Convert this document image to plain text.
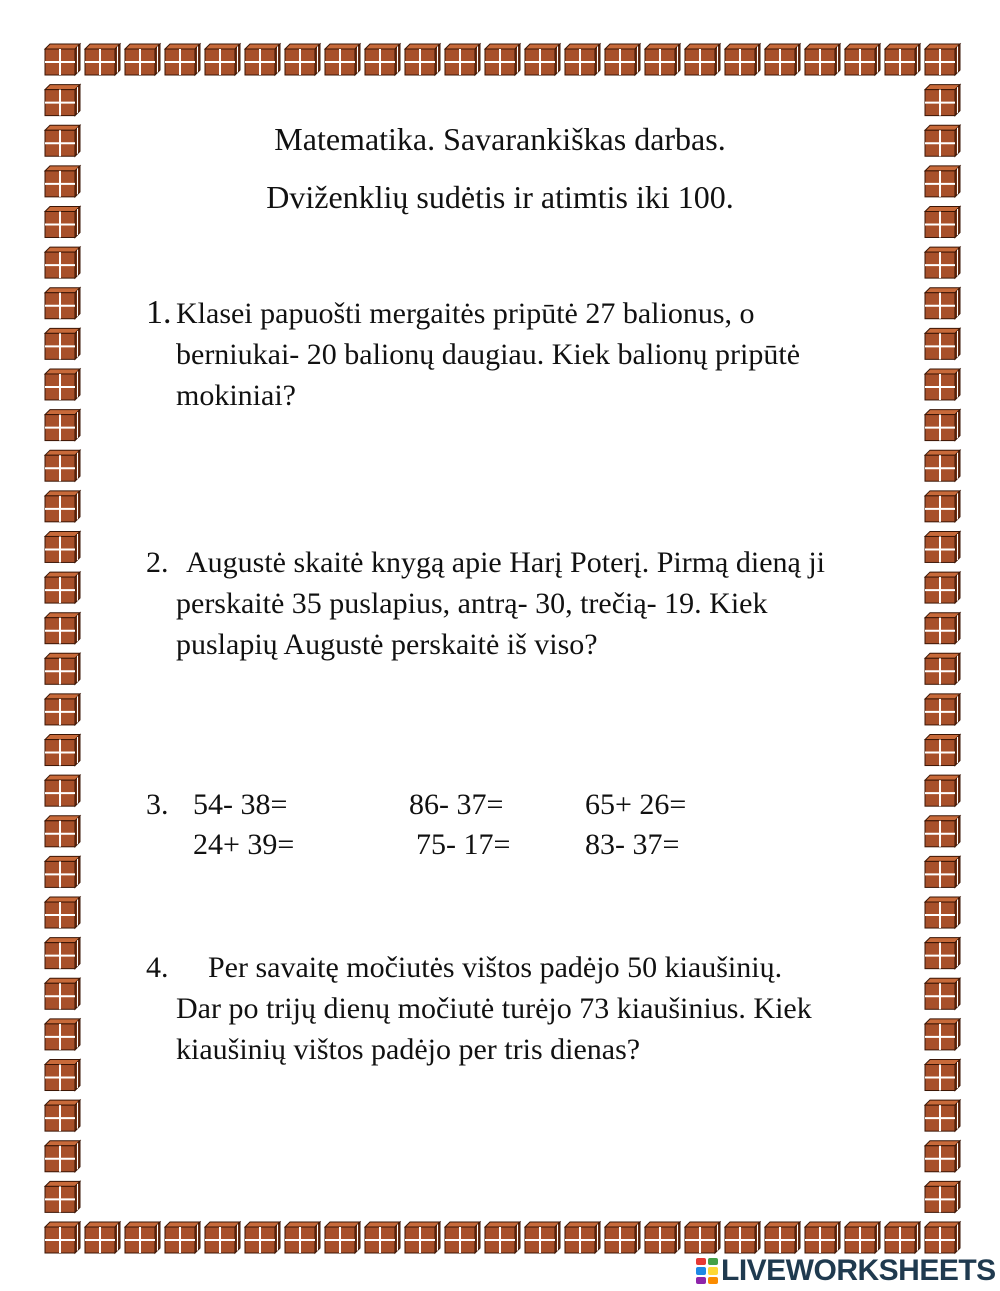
Matematika. Savarankiškas darbas.
Dviženklių sudėtis ir atimtis iki 100.
1. Klasei papuošti mergaitės pripūtė 27 balionus, o
berniukai- 20 balionų daugiau. Kiek balionų pripūtė
mokiniai?
2. Augustė skaitė knygą apie Harį Poterį. Pirmą dieną ji
perskaitė 35 puslapius, antrą- 30, trečią- 19. Kiek
puslapių Augustė perskaitė iš viso?
3. 54- 38=	86- 37=	65+ 26=
24+ 39=	75- 17= 83- 37=
4. Per savaitę močiutės vištos padėjo 50 kiaušinių.
Dar po trijų dienų močiutė turėjo 73 kiaušinius. Kiek
kiaušinių vištos padėjo per tris dienas?
LIVEWORKSHEETS
